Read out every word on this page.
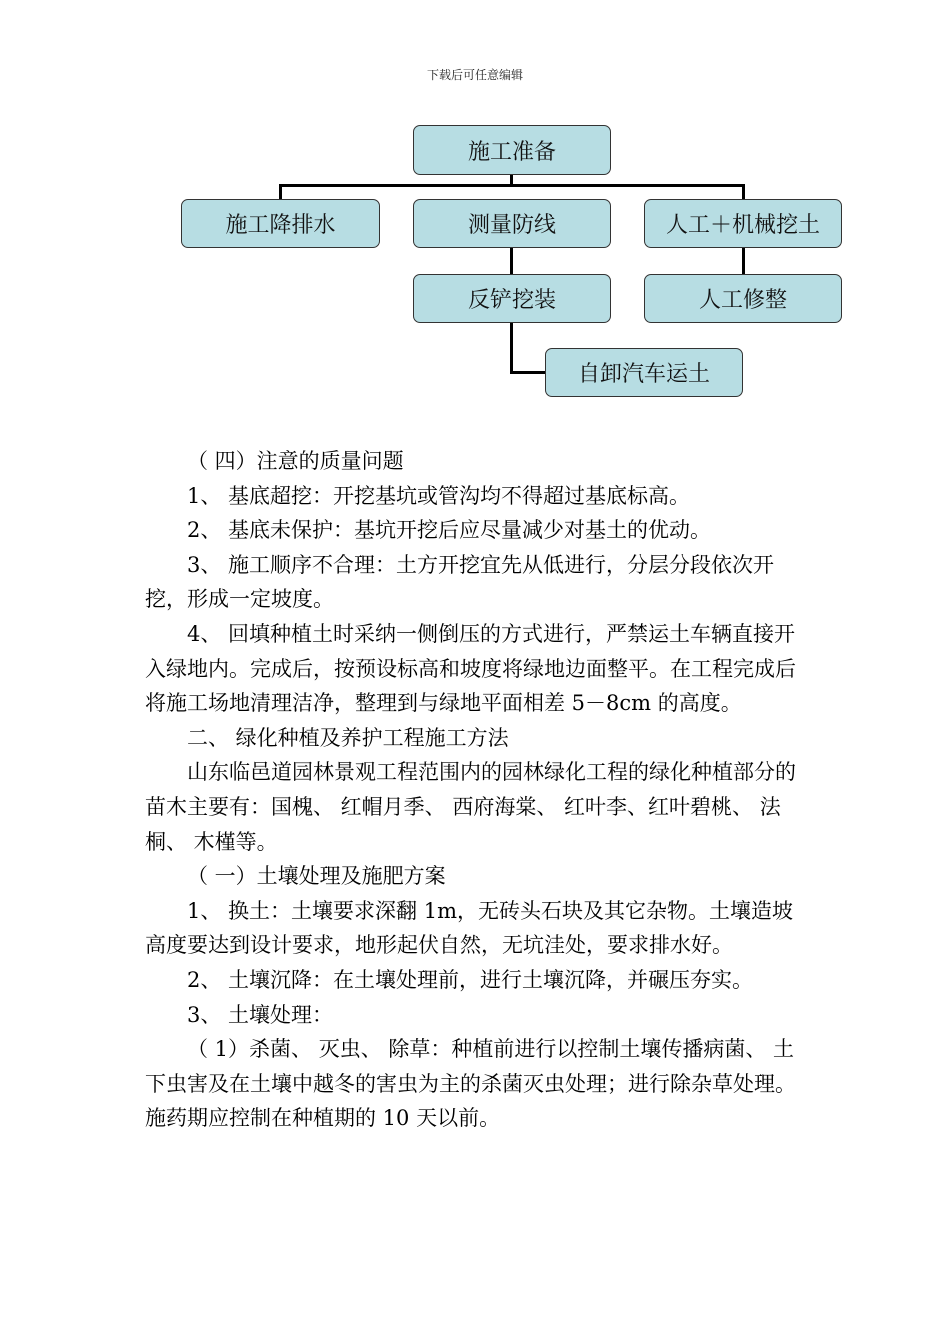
下载后可任意编辑
施工准备
施工降排水	测量防线	人工＋机械挖土
反铲挖装	人工修整
自卸汽车运土

（ 四）注意的质量问题

1、 基底超挖：开挖基坑或管沟均不得超过基底标高。

2、 基底未保护：基坑开挖后应尽量减少对基土的优动。

3、 施工顺序不合理：土方开挖宜先从低进行，分层分段依次开挖，形成一定坡度。

4、 回填种植土时采纳一侧倒压的方式进行，严禁运土车辆直接开入绿地内。完成后，按预设标高和坡度将绿地边面整平。在工程完成后将施工场地清理洁净，整理到与绿地平面相差 5－8cm 的高度。

二、 绿化种植及养护工程施工方法

山东临邑道园林景观工程范围内的园林绿化工程的绿化种植部分的苗木主要有：国槐、 红帽月季、 西府海棠、 红叶李、红叶碧桃、 法桐、 木槿等。

（ 一）土壤处理及施肥方案

1、 换土：土壤要求深翻 1m，无砖头石块及其它杂物。土壤造坡高度要达到设计要求，地形起伏自然，无坑洼处，要求排水好。

2、 土壤沉降：在土壤处理前，进行土壤沉降，并碾压夯实。

3、 土壤处理：

（ 1）杀菌、 灭虫、 除草：种植前进行以控制土壤传播病菌、 土下虫害及在土壤中越冬的害虫为主的杀菌灭虫处理；进行除杂草处理。施药期应控制在种植期的 10 天以前。
